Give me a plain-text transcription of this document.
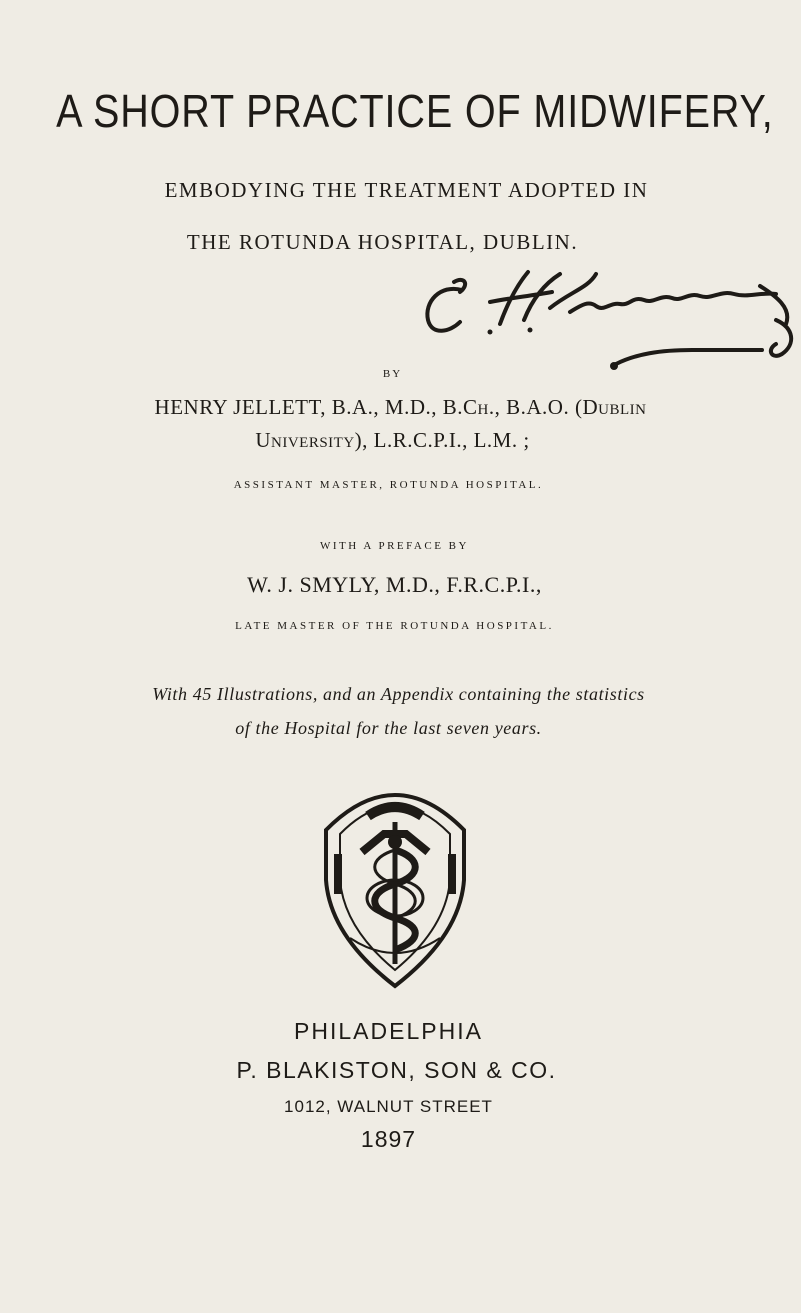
A SHORT PRACTICE OF MIDWIFERY,
EMBODYING THE TREATMENT ADOPTED IN
THE ROTUNDA HOSPITAL, DUBLIN.
BY
HENRY JELLETT, B.A., M.D., B.Ch., B.A.O. (Dublin
University), L.R.C.P.I., L.M. ;
ASSISTANT MASTER, ROTUNDA HOSPITAL.
WITH A PREFACE BY
W. J. SMYLY, M.D., F.R.C.P.I.,
LATE MASTER OF THE ROTUNDA HOSPITAL.
With 45 Illustrations, and an Appendix containing the statistics
of the Hospital for the last seven years.
PHILADELPHIA
P. BLAKISTON, SON & CO.
1012, WALNUT STREET
1897
